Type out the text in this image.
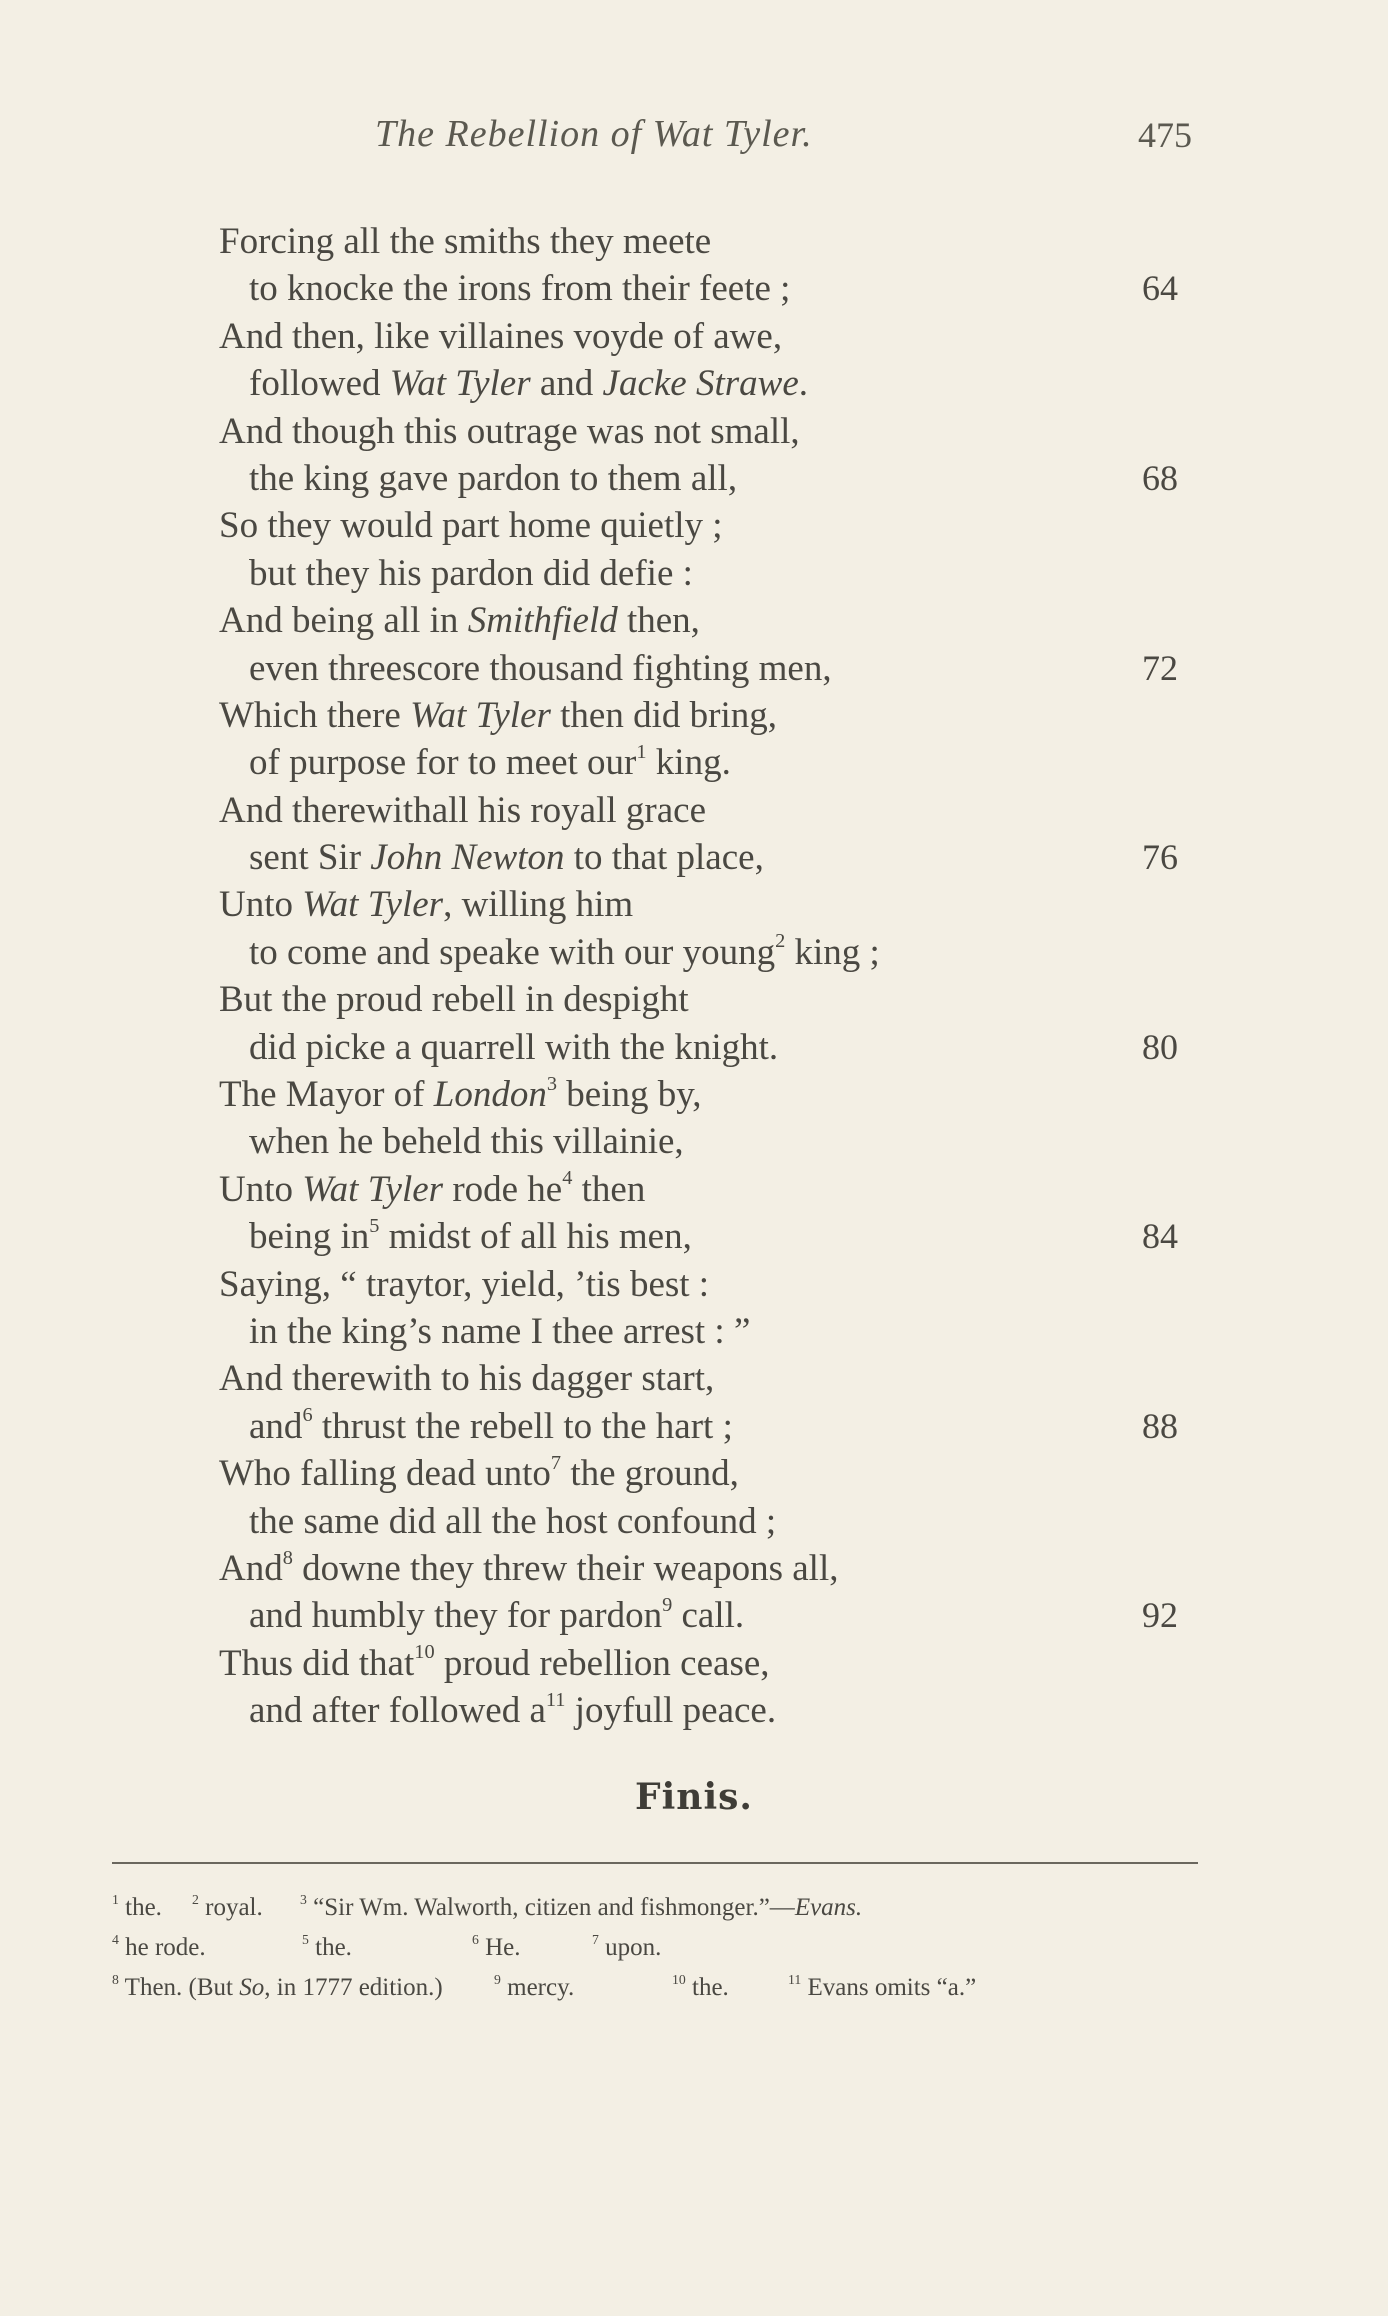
The Rebellion of Wat Tyler.	475
Forcing all the smiths they meete
to knocke the irons from their feete ;	64
And then, like villaines voyde of awe,
followed Wat Tyler and Jacke Strawe.
And though this outrage was not small,
the king gave pardon to them all,	68
So they would part home quietly ;
but they his pardon did defie :
And being all in Smithfield then,
even threescore thousand fighting men,	72
Which there Wat Tyler then did bring,
of purpose for to meet our$^1$ king.
And therewithall his royall grace
sent Sir John Newton to that place,	76
Unto Wat Tyler, willing him
to come and speake with our young$^2$ king ;
But the proud rebell in despight
did picke a quarrell with the knight.	80
The Mayor of London$^3$ being by,
when he beheld this villainie,
Unto Wat Tyler rode $he^4$ then
being $in^5$ midst of all his men,	84
Saying, “ traytor, yield, ’tis best :
in the king’s name I thee arrest : ”
And therewith to his dagger start,
and$^6$ thrust the rebell to the hart ;	88
Who falling dead unto$^7$ the ground,
the same did all the host confound ;
And$^8$ downe they threw their weapons all,
and humbly they for pardon$^9$ call.	92
Thus did that$^{10}$ proud rebellion cease,
and after followed $a^{11}$ joyfull peace.
Finis.
$^1$ the. $^2$ royal.	$^3$ “Sir Wm. Walworth, citizen and fishmonger.”—Evans.
$^4$ he rode.	$^5$ the.	$^6$ He.	$^7$ upon.
$^8$ Then. (But So, in 1777 edition.)	$^9$ mercy.	$^{10}$ the.	$^{11}$ Evans omits “a.”
